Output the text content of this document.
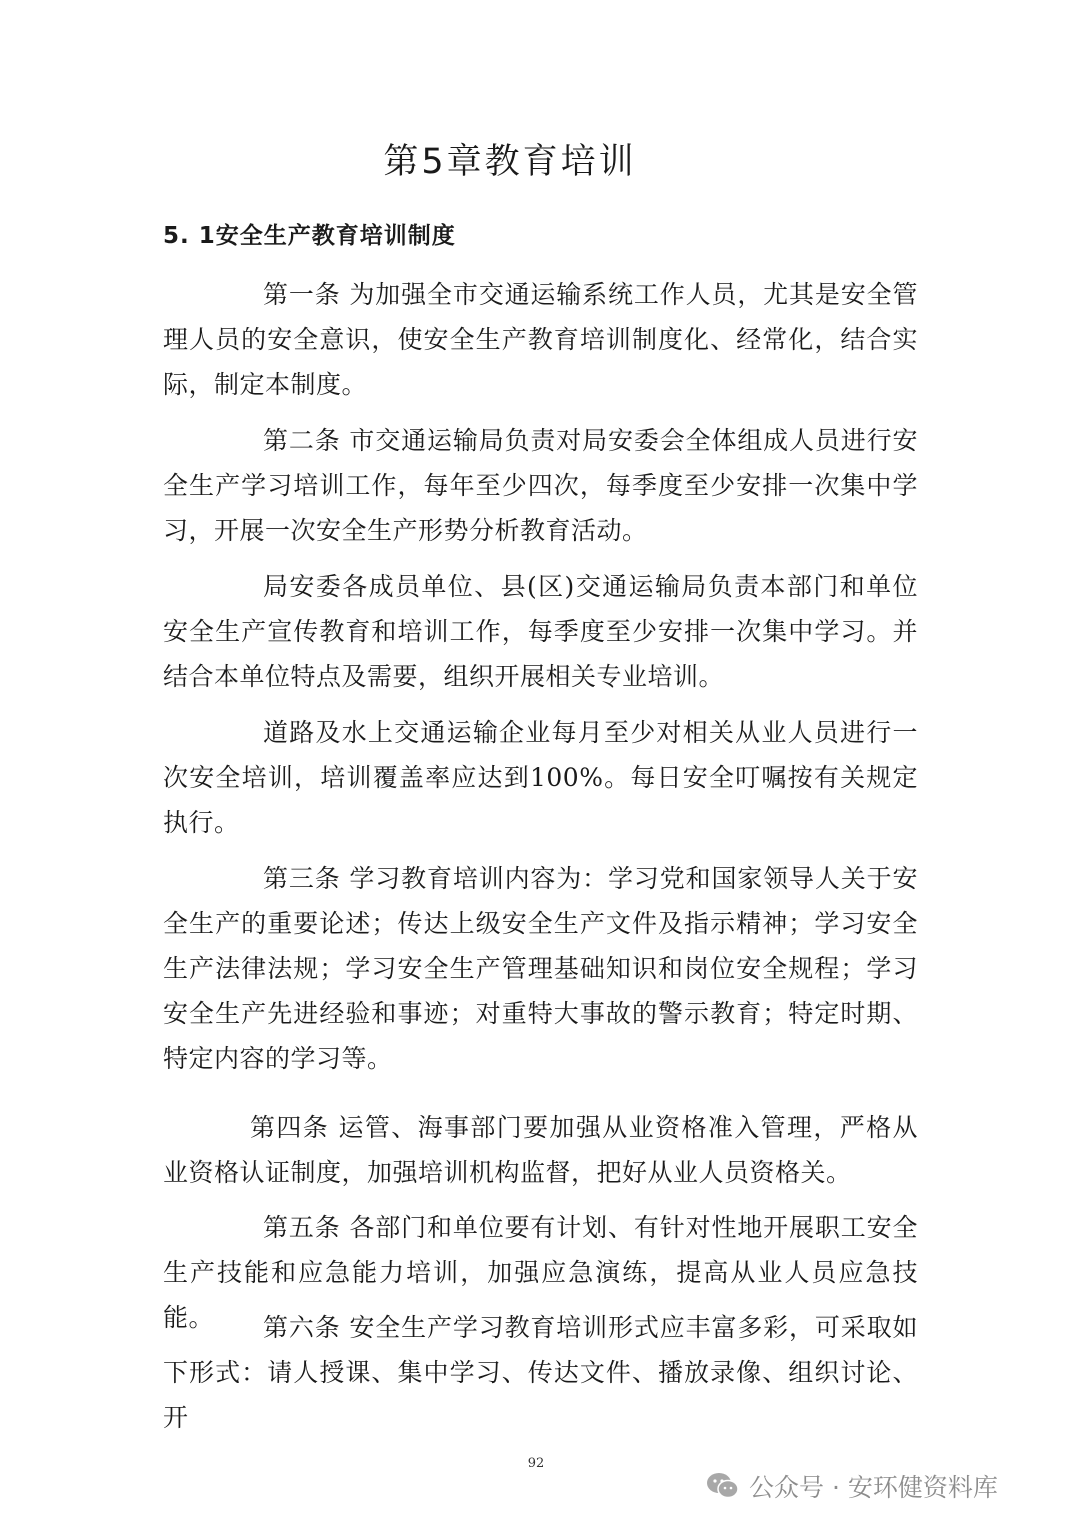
第5章教育培训
5. 1安全生产教育培训制度

第一条 为加强全市交通运输系统工作人员，尤其是安全管理人员的安全意识，使安全生产教育培训制度化、经常化，结合实际，制定本制度。

第二条 市交通运输局负责对局安委会全体组成人员进行安全生产学习培训工作，每年至少四次，每季度至少安排一次集中学习，开展一次安全生产形势分析教育活动。

局安委各成员单位、县(区)交通运输局负责本部门和单位安全生产宣传教育和培训工作，每季度至少安排一次集中学习。并结合本单位特点及需要，组织开展相关专业培训。

道路及水上交通运输企业每月至少对相关从业人员进行一次安全培训，培训覆盖率应达到100%。每日安全叮嘱按有关规定执行。

第三条 学习教育培训内容为：学习党和国家领导人关于安全生产的重要论述；传达上级安全生产文件及指示精神；学习安全生产法律法规；学习安全生产管理基础知识和岗位安全规程；学习安全生产先进经验和事迹；对重特大事故的警示教育；特定时期、特定内容的学习等。

第四条 运管、海事部门要加强从业资格准入管理，严格从业资格认证制度，加强培训机构监督，把好从业人员资格关。

第五条 各部门和单位要有计划、有针对性地开展职工安全生产技能和应急能力培训，加强应急演练，提高从业人员应急技能。	第六条 安全生产学习教育培训形式应丰富多彩，可采取如下形式：请人授课、集中学习、传达文件、播放录像、组织讨论、开

92
公众号 · 安环健资料库
